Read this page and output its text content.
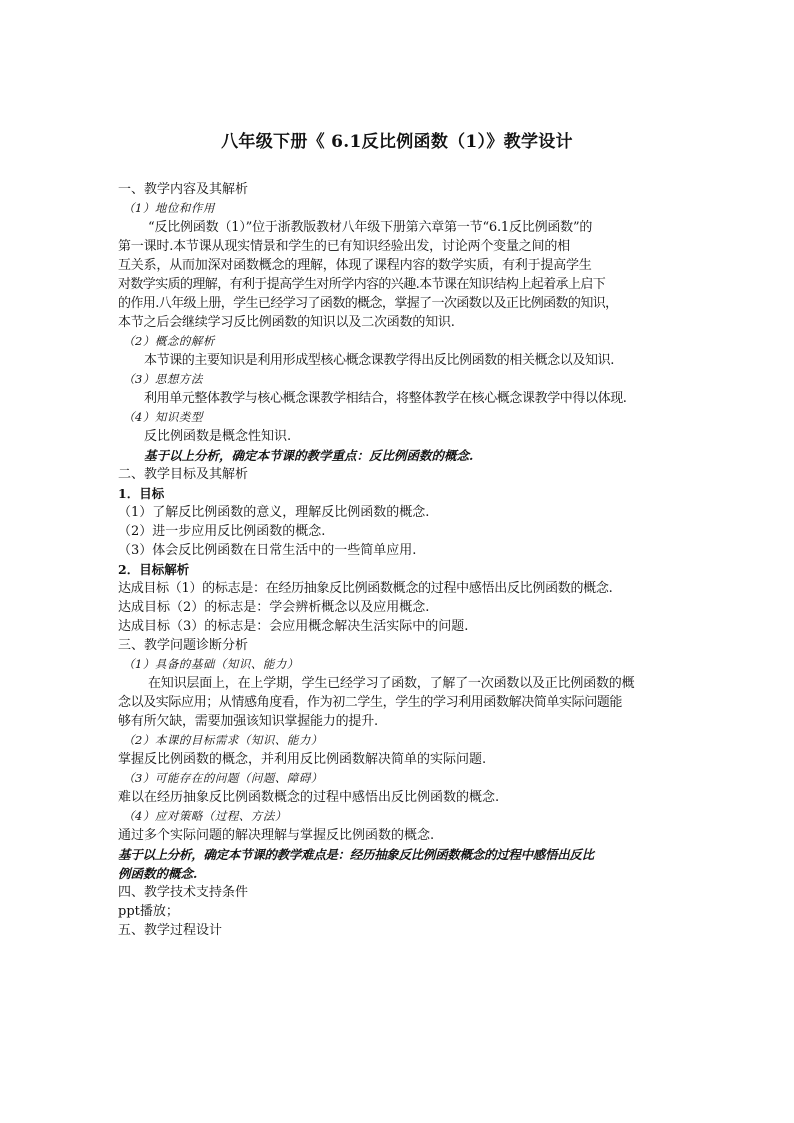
八年级下册《 6.1反比例函数（1）》教学设计
一、教学内容及其解析
（1）地位和作用
“反比例函数（1）”位于浙教版教材八年级下册第六章第一节“6.1反比例函数”的
第一课时.本节课从现实情景和学生的已有知识经验出发，讨论两个变量之间的相
互关系，从而加深对函数概念的理解，体现了课程内容的数学实质，有利于提高学生
对数学实质的理解，有利于提高学生对所学内容的兴趣.本节课在知识结构上起着承上启下
的作用.八年级上册，学生已经学习了函数的概念，掌握了一次函数以及正比例函数的知识，
本节之后会继续学习反比例函数的知识以及二次函数的知识.
（2）概念的解析
本节课的主要知识是利用形成型核心概念课教学得出反比例函数的相关概念以及知识.
（3）思想方法
利用单元整体教学与核心概念课教学相结合，将整体教学在核心概念课教学中得以体现.
（4）知识类型
反比例函数是概念性知识.
基于以上分析，确定本节课的教学重点：反比例函数的概念.
二、教学目标及其解析
1．目标
（1）了解反比例函数的意义，理解反比例函数的概念.
（2）进一步应用反比例函数的概念.
（3）体会反比例函数在日常生活中的一些简单应用.
2．目标解析
达成目标（1）的标志是：在经历抽象反比例函数概念的过程中感悟出反比例函数的概念.
达成目标（2）的标志是：学会辨析概念以及应用概念.
达成目标（3）的标志是：会应用概念解决生活实际中的问题.
三、教学问题诊断分析
（1）具备的基础（知识、能力）
在知识层面上，在上学期，学生已经学习了函数，了解了一次函数以及正比例函数的概
念以及实际应用；从情感角度看，作为初二学生，学生的学习利用函数解决简单实际问题能
够有所欠缺，需要加强该知识掌握能力的提升.
（2）本课的目标需求（知识、能力）
掌握反比例函数的概念，并利用反比例函数解决简单的实际问题.
（3）可能存在的问题（问题、障碍）
难以在经历抽象反比例函数概念的过程中感悟出反比例函数的概念.
（4）应对策略（过程、方法）
通过多个实际问题的解决理解与掌握反比例函数的概念.
基于以上分析，确定本节课的教学难点是：经历抽象反比例函数概念的过程中感悟出反比
例函数的概念.
四、教学技术支持条件
ppt播放；
五、教学过程设计
